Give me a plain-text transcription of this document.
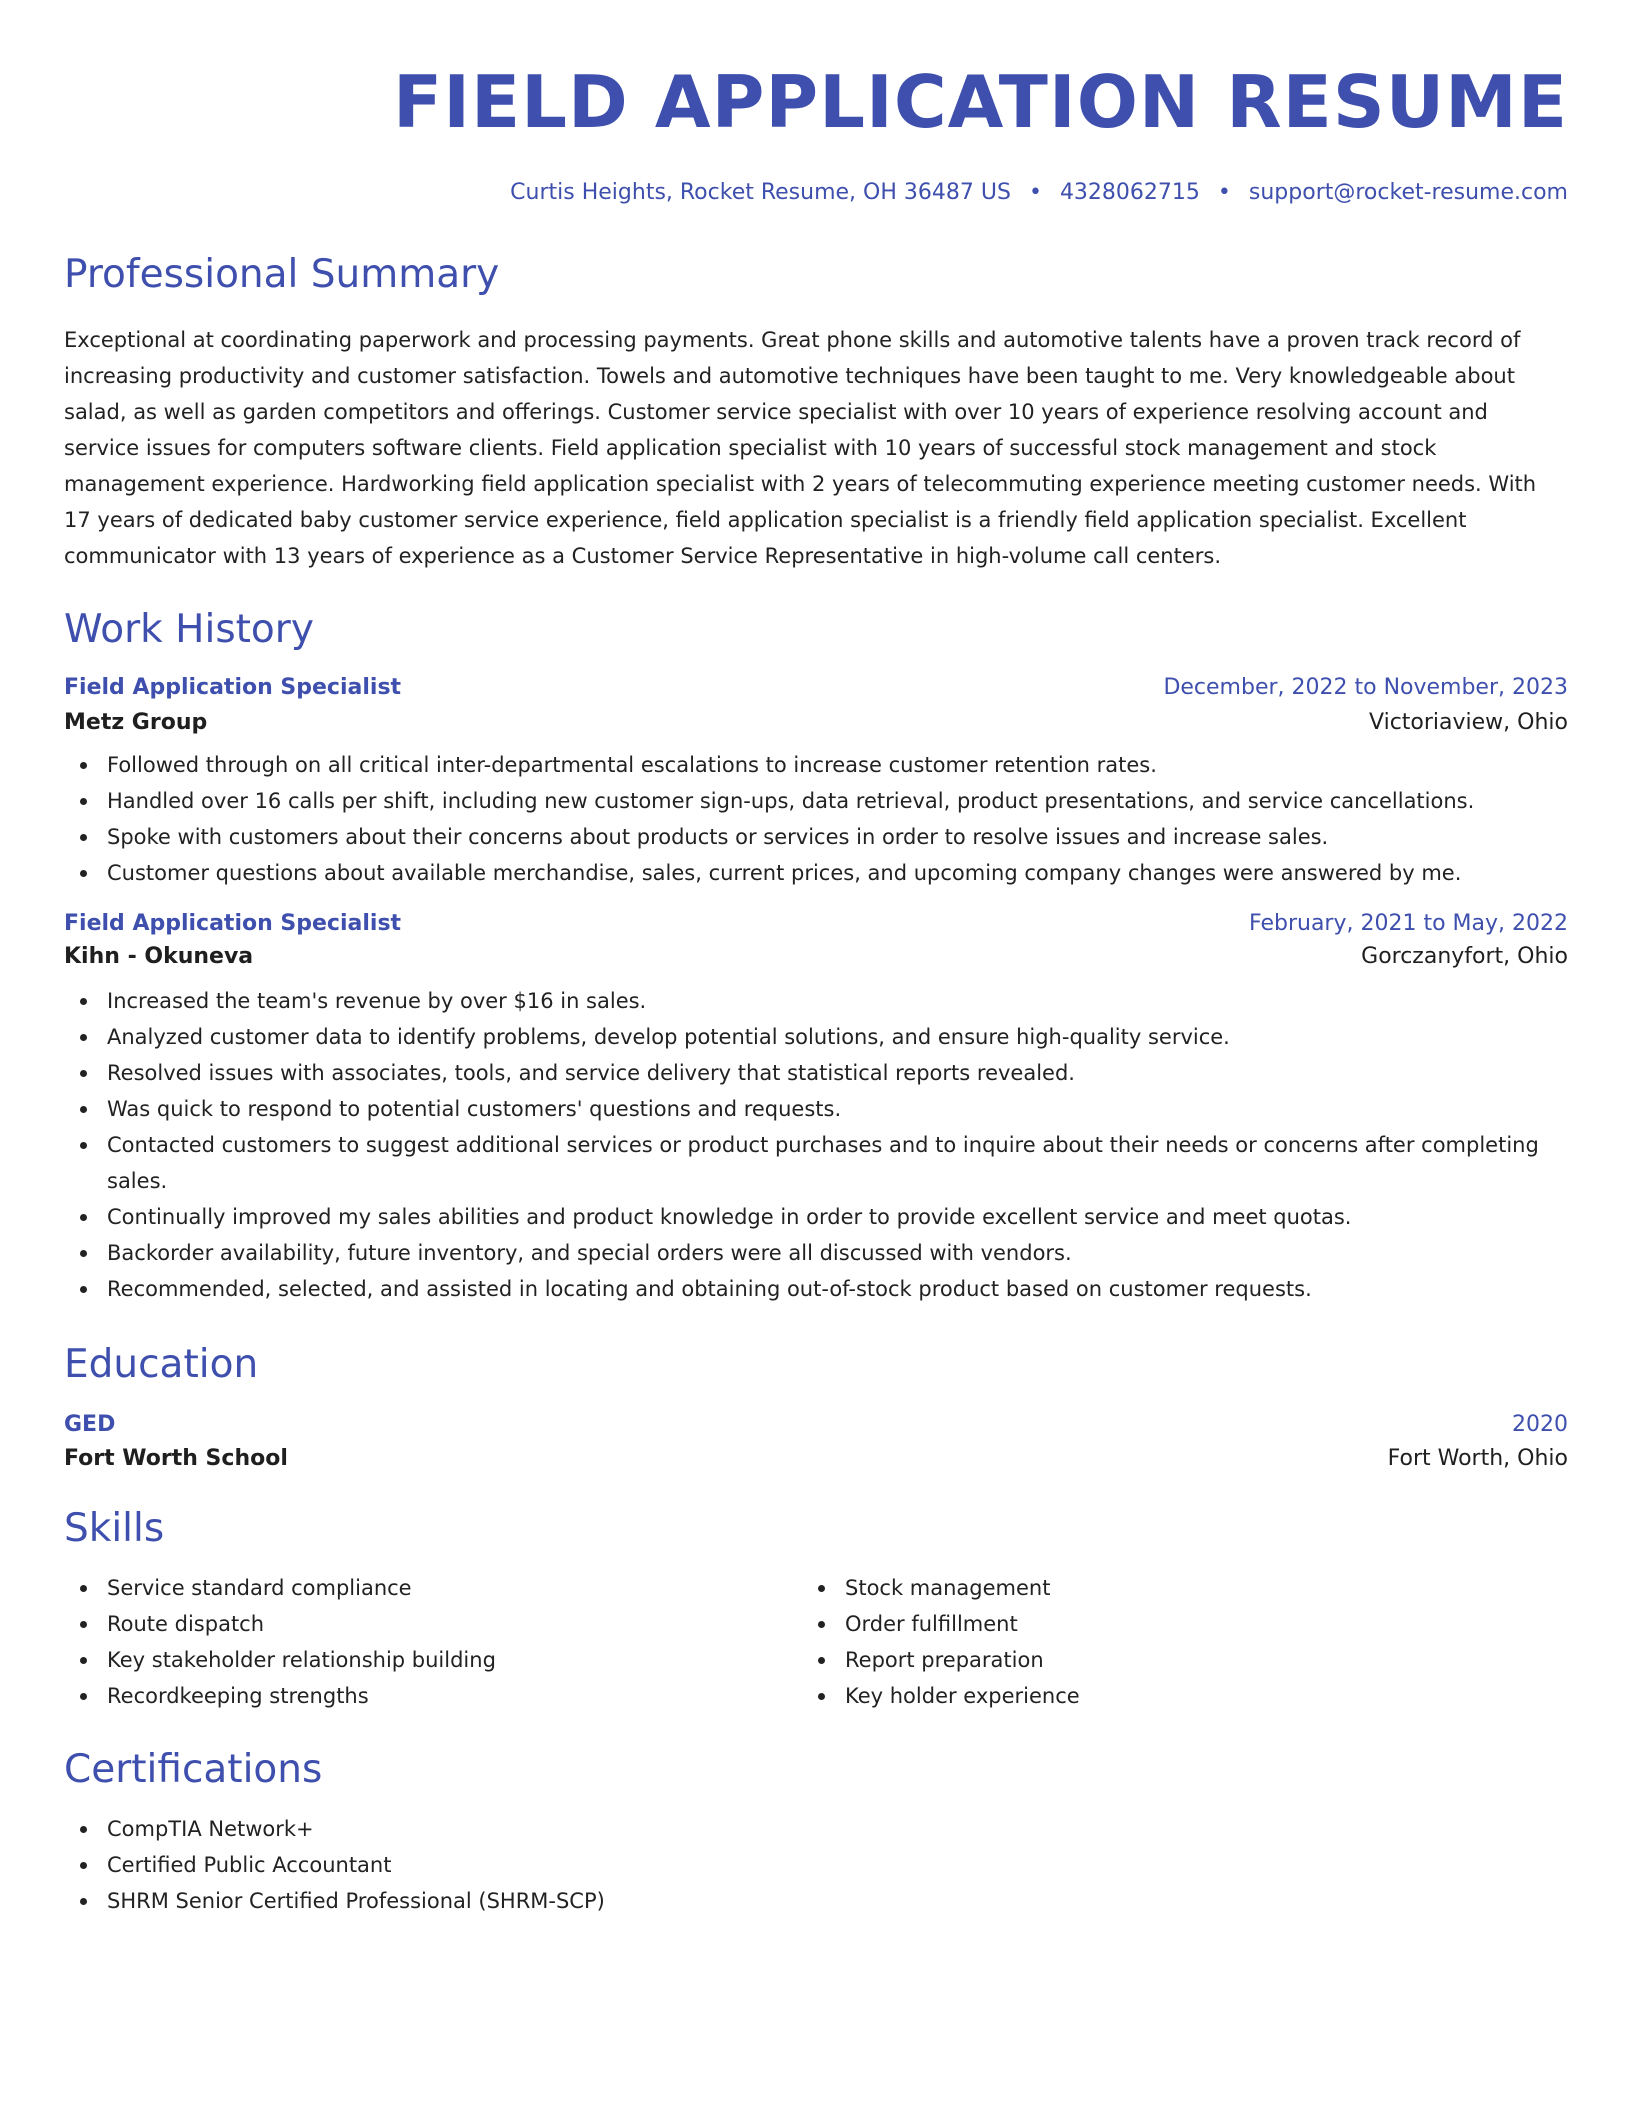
FIELD APPLICATION RESUME
Curtis Heights, Rocket Resume, OH 36487 US • 4328062715 • support@rocket-resume.com
Professional Summary
Exceptional at coordinating paperwork and processing payments. Great phone skills and automotive talents have a proven track record of increasing productivity and customer satisfaction. Towels and automotive techniques have been taught to me. Very knowledgeable about salad, as well as garden competitors and offerings. Customer service specialist with over 10 years of experience resolving account and service issues for computers software clients. Field application specialist with 10 years of successful stock management and stock management experience. Hardworking field application specialist with 2 years of telecommuting experience meeting customer needs. With 17 years of dedicated baby customer service experience, field application specialist is a friendly field application specialist. Excellent communicator with 13 years of experience as a Customer Service Representative in high-volume call centers.
Work History
Field Application Specialist	December, 2022 to November, 2023
Metz Group	Victoriaview, Ohio
Followed through on all critical inter-departmental escalations to increase customer retention rates.
Handled over 16 calls per shift, including new customer sign-ups, data retrieval, product presentations, and service cancellations.
Spoke with customers about their concerns about products or services in order to resolve issues and increase sales.
Customer questions about available merchandise, sales, current prices, and upcoming company changes were answered by me.
Field Application Specialist	February, 2021 to May, 2022
Kihn - Okuneva	Gorczanyfort, Ohio
Increased the team's revenue by over $16 in sales.
Analyzed customer data to identify problems, develop potential solutions, and ensure high-quality service.
Resolved issues with associates, tools, and service delivery that statistical reports revealed.
Was quick to respond to potential customers' questions and requests.
Contacted customers to suggest additional services or product purchases and to inquire about their needs or concerns after completing sales.
Continually improved my sales abilities and product knowledge in order to provide excellent service and meet quotas.
Backorder availability, future inventory, and special orders were all discussed with vendors.
Recommended, selected, and assisted in locating and obtaining out-of-stock product based on customer requests.
Education
GED	2020
Fort Worth School	Fort Worth, Ohio
Skills
Service standard compliance
Route dispatch
Key stakeholder relationship building
Recordkeeping strengths
Stock management
Order fulfillment
Report preparation
Key holder experience
Certifications
CompTIA Network+
Certified Public Accountant
SHRM Senior Certified Professional (SHRM-SCP)
